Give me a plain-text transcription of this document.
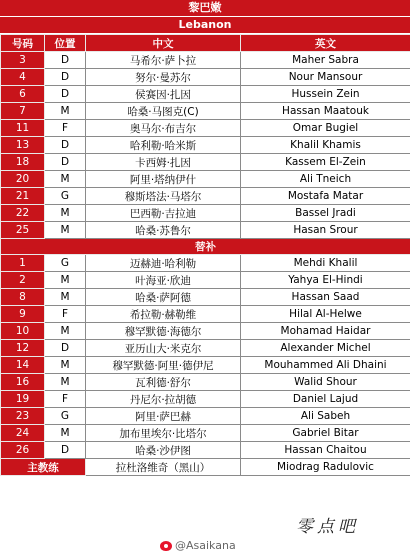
黎巴嫩
Lebanon
号码	位置	中文	英文
3	D	马希尔·萨卜拉	Maher Sabra
4	D	努尔·曼苏尔	Nour Mansour
6	D	侯赛因·扎因	Hussein Zein
7	M	哈桑·马图克(C)	Hassan Maatouk
11	F	奥马尔·布吉尔	Omar Bugiel
13	D	哈利勒·哈米斯	Khalil Khamis
18	D	卡西姆·扎因	Kassem El-Zein
20	M	阿里·塔纳伊什	Ali Tneich
21	G	穆斯塔法·马塔尔	Mostafa Matar
22	M	巴西勒·吉拉迪	Bassel Jradi
25	M	哈桑·苏鲁尔	Hasan Srour
替补			
1	G	迈赫迪·哈利勒	Mehdi Khalil
2	M	叶海亚·欣迪	Yahya El-Hindi
8	M	哈桑·萨阿德	Hassan Saad
9	F	希拉勒·赫勒维	Hilal Al-Helwe
10	M	穆罕默德·海德尔	Mohamad Haidar
12	D	亚历山大·米克尔	Alexander Michel
14	M	穆罕默德·阿里·德伊尼	Mouhammed Ali Dhaini
16	M	瓦利德·舒尔	Walid Shour
19	F	丹尼尔·拉胡德	Daniel Lajud
23	G	阿里·萨巴赫	Ali Sabeh
24	M	加布里埃尔·比塔尔	Gabriel Bitar
26	D	哈桑·沙伊图	Hassan Chaitou
主教练		拉杜洛维奇（黑山）	Miodrag Radulovic
零点吧
@Asaikana
